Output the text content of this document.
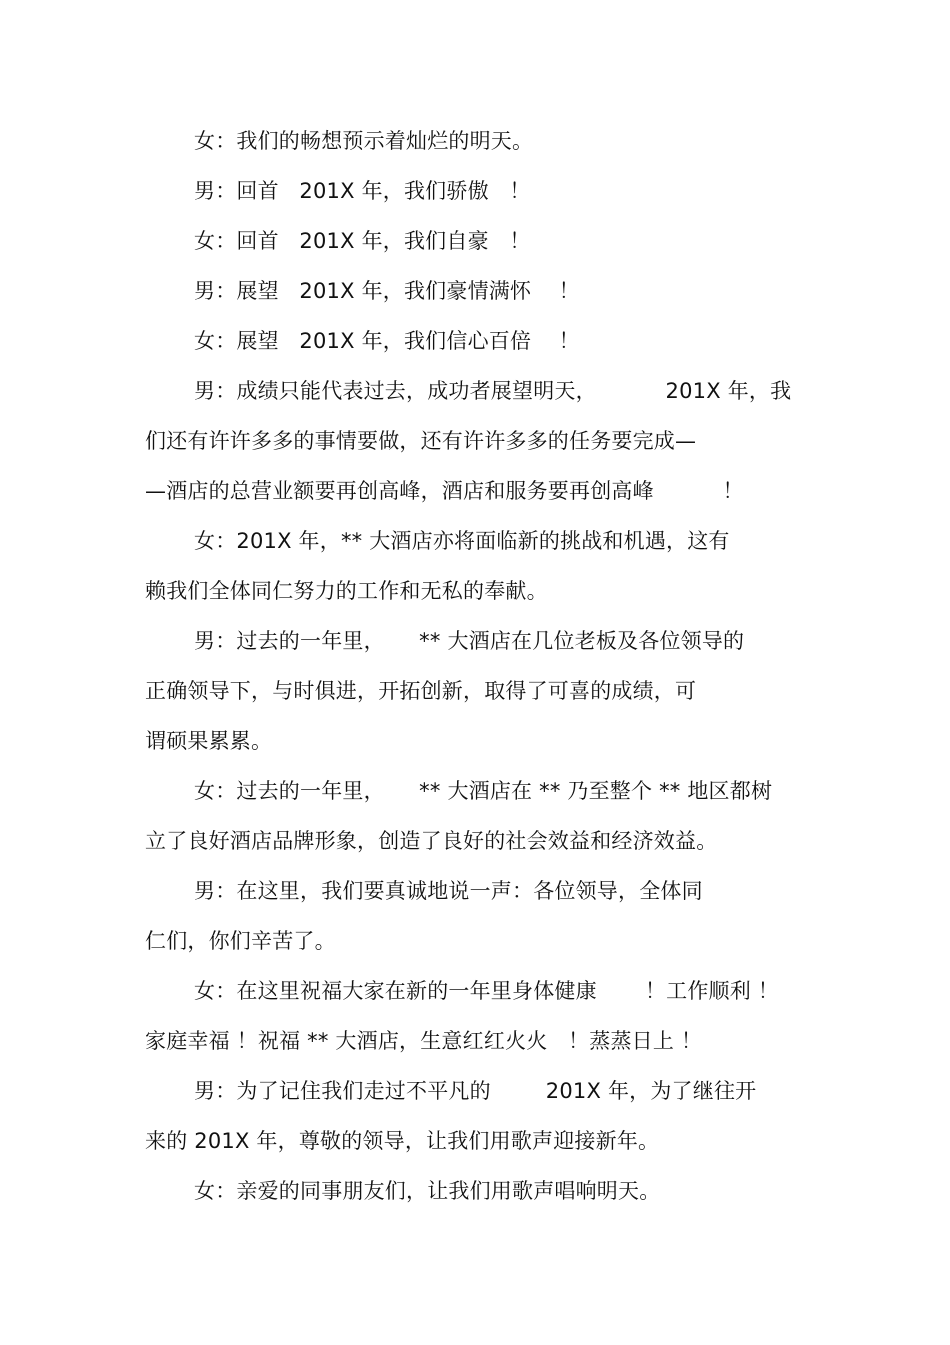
女：我们的畅想预示着灿烂的明天。
男：回首   201X 年，我们骄傲   ！
女：回首   201X 年，我们自豪   ！
男：展望   201X 年，我们豪情满怀    ！
女：展望   201X 年，我们信心百倍    ！
男：成绩只能代表过去，成功者展望明天，          201X 年，我
们还有许许多多的事情要做，还有许许多多的任务要完成—
—酒店的总营业额要再创高峰，酒店和服务要再创高峰          ！
女：201X 年，** 大酒店亦将面临新的挑战和机遇，这有
赖我们全体同仁努力的工作和无私的奉献。
男：过去的一年里，     ** 大酒店在几位老板及各位领导的
正确领导下，与时俱进，开拓创新，取得了可喜的成绩，可
谓硕果累累。
女：过去的一年里，     ** 大酒店在 ** 乃至整个 ** 地区都树
立了良好酒店品牌形象，创造了良好的社会效益和经济效益。
男：在这里，我们要真诚地说一声：各位领导，全体同
仁们，你们辛苦了。
女：在这里祝福大家在新的一年里身体健康       ！工作顺利 ！
家庭幸福 ！祝福 ** 大酒店，生意红红火火   ！蒸蒸日上 ！
男：为了记住我们走过不平凡的        201X 年，为了继往开
来的 201X 年，尊敬的领导，让我们用歌声迎接新年。
女：亲爱的同事朋友们，让我们用歌声唱响明天。
